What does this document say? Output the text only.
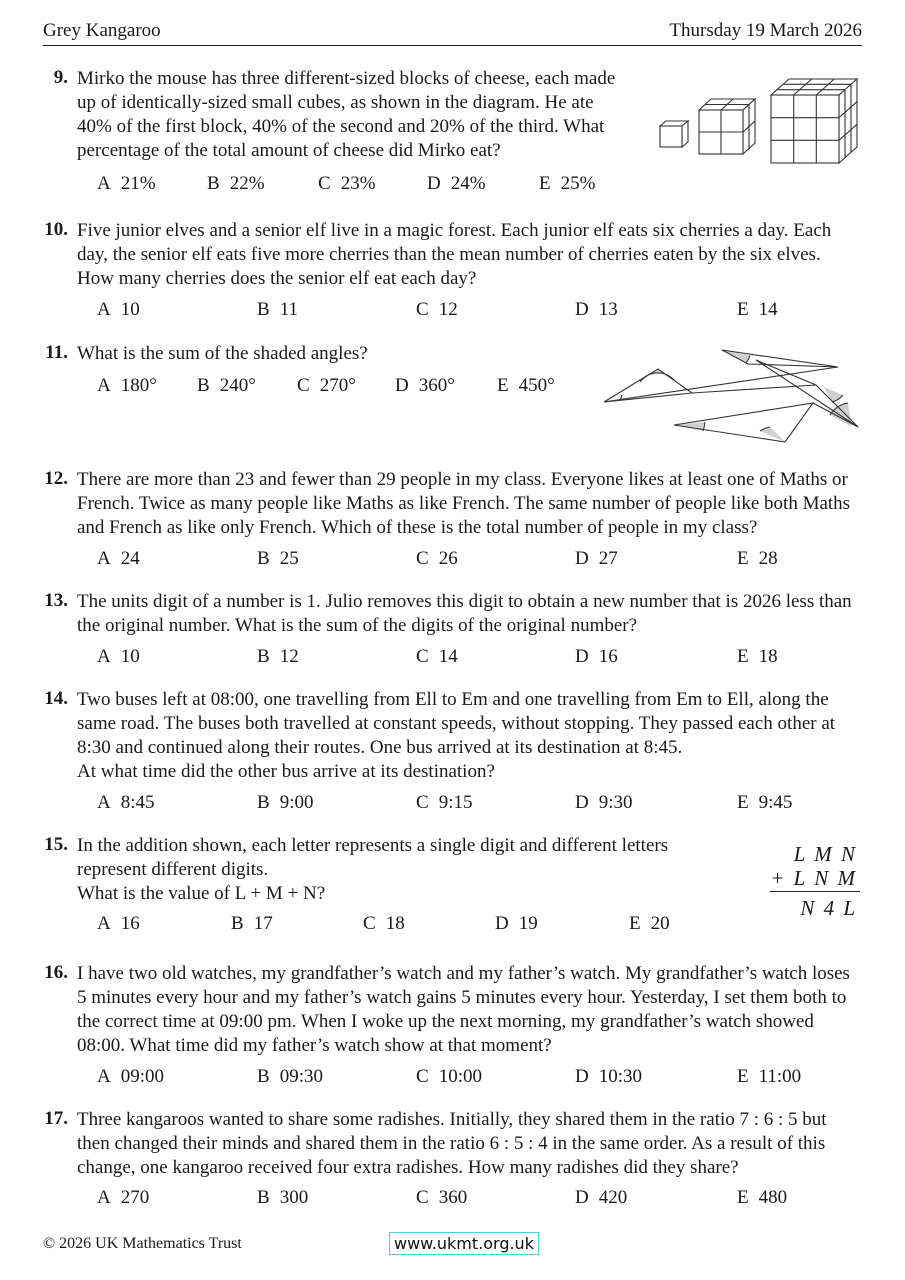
Grey Kangaroo	Thursday 19 March 2026
9. Mirko the mouse has three different-sized blocks of cheese, each made
up of identically-sized small cubes, as shown in the diagram. He ate
40% of the first block, 40% of the second and 20% of the third. What
percentage of the total amount of cheese did Mirko eat?
A 21%	B 22%	C 23%	D 24%	E 25%
10. Five junior elves and a senior elf live in a magic forest. Each junior elf eats six cherries a day. Each
day, the senior elf eats five more cherries than the mean number of cherries eaten by the six elves.
How many cherries does the senior elf eat each day?
A 10	B 11	C 12	D 13	E 14
11. What is the sum of the shaded angles?
A 180° B 240° C 270° D 360° E 450°
12. There are more than 23 and fewer than 29 people in my class. Everyone likes at least one of Maths or
French. Twice as many people like Maths as like French. The same number of people like both Maths
and French as like only French. Which of these is the total number of people in my class?
A 24	B 25	C 26	D 27	E 28
13. The units digit of a number is 1. Julio removes this digit to obtain a new number that is 2026 less than
the original number. What is the sum of the digits of the original number?
A 10	B 12	C 14	D 16	E 18
14. Two buses left at 08:00, one travelling from Ell to Em and one travelling from Em to Ell, along the
same road. The buses both travelled at constant speeds, without stopping. They passed each other at
8:30 and continued along their routes. One bus arrived at its destination at 8:45.
At what time did the other bus arrive at its destination?
A 8:45	B 9:00	C 9:15	D 9:30	E 9:45
15. In the addition shown, each letter represents a single digit and different letters
represent different digits.
What is the value of L + M + N?
A 16	B 17	C 18	D 19	E 20
L M N
+ L N M
N 4 L
16. I have two old watches, my grandfather’s watch and my father’s watch. My grandfather’s watch loses
5 minutes every hour and my father’s watch gains 5 minutes every hour. Yesterday, I set them both to
the correct time at 09:00 pm. When I woke up the next morning, my grandfather’s watch showed
08:00. What time did my father’s watch show at that moment?
A 09:00	B 09:30	C 10:00	D 10:30	E 11:00
17. Three kangaroos wanted to share some radishes. Initially, they shared them in the ratio 7 : 6 : 5 but
then changed their minds and shared them in the ratio 6 : 5 : 4 in the same order. As a result of this
change, one kangaroo received four extra radishes. How many radishes did they share?
A 270	B 300	C 360	D 420	E 480
© 2026 UK Mathematics Trust	www.ukmt.org.uk
